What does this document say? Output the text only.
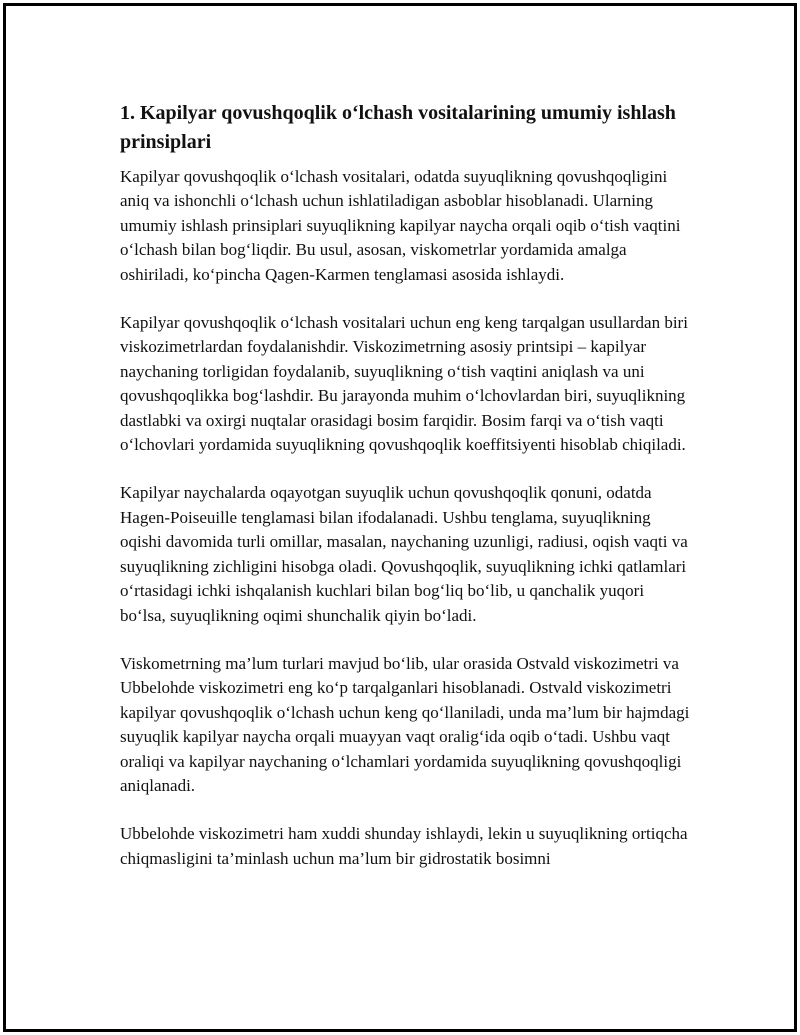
1. Kapilyar qovushqoqlik o‘lchash vositalarining umumiy ishlash prinsiplari

Kapilyar qovushqoqlik o‘lchash vositalari, odatda suyuqlikning qovushqoqligini aniq va ishonchli o‘lchash uchun ishlatiladigan asboblar hisoblanadi. Ularning umumiy ishlash prinsiplari suyuqlikning kapilyar naycha orqali oqib o‘tish vaqtini o‘lchash bilan bog‘liqdir. Bu usul, asosan, viskometrlar yordamida amalga oshiriladi, ko‘pincha Qagen-Karmen tenglamasi asosida ishlaydi.

Kapilyar qovushqoqlik o‘lchash vositalari uchun eng keng tarqalgan usullardan biri viskozimetrlardan foydalanishdir. Viskozimetrning asosiy printsipi – kapilyar naychaning torligidan foydalanib, suyuqlikning o‘tish vaqtini aniqlash va uni qovushqoqlikka bog‘lashdir. Bu jarayonda muhim o‘lchovlardan biri, suyuqlikning dastlabki va oxirgi nuqtalar orasidagi bosim farqidir. Bosim farqi va o‘tish vaqti o‘lchovlari yordamida suyuqlikning qovushqoqlik koeffitsiyenti hisoblab chiqiladi.

Kapilyar naychalarda oqayotgan suyuqlik uchun qovushqoqlik qonuni, odatda Hagen-Poiseuille tenglamasi bilan ifodalanadi. Ushbu tenglama, suyuqlikning oqishi davomida turli omillar, masalan, naychaning uzunligi, radiusi, oqish vaqti va suyuqlikning zichligini hisobga oladi. Qovushqoqlik, suyuqlikning ichki qatlamlari o‘rtasidagi ichki ishqalanish kuchlari bilan bog‘liq bo‘lib, u qanchalik yuqori bo‘lsa, suyuqlikning oqimi shunchalik qiyin bo‘ladi.

Viskometrning ma’lum turlari mavjud bo‘lib, ular orasida Ostvald viskozimetri va Ubbelohde viskozimetri eng ko‘p tarqalganlari hisoblanadi. Ostvald viskozimetri kapilyar qovushqoqlik o‘lchash uchun keng qo‘llaniladi, unda ma’lum bir hajmdagi suyuqlik kapilyar naycha orqali muayyan vaqt oralig‘ida oqib o‘tadi. Ushbu vaqt oraliqi va kapilyar naychaning o‘lchamlari yordamida suyuqlikning qovushqoqligi aniqlanadi.

Ubbelohde viskozimetri ham xuddi shunday ishlaydi, lekin u suyuqlikning ortiqcha chiqmasligini ta’minlash uchun ma’lum bir gidrostatik bosimni
